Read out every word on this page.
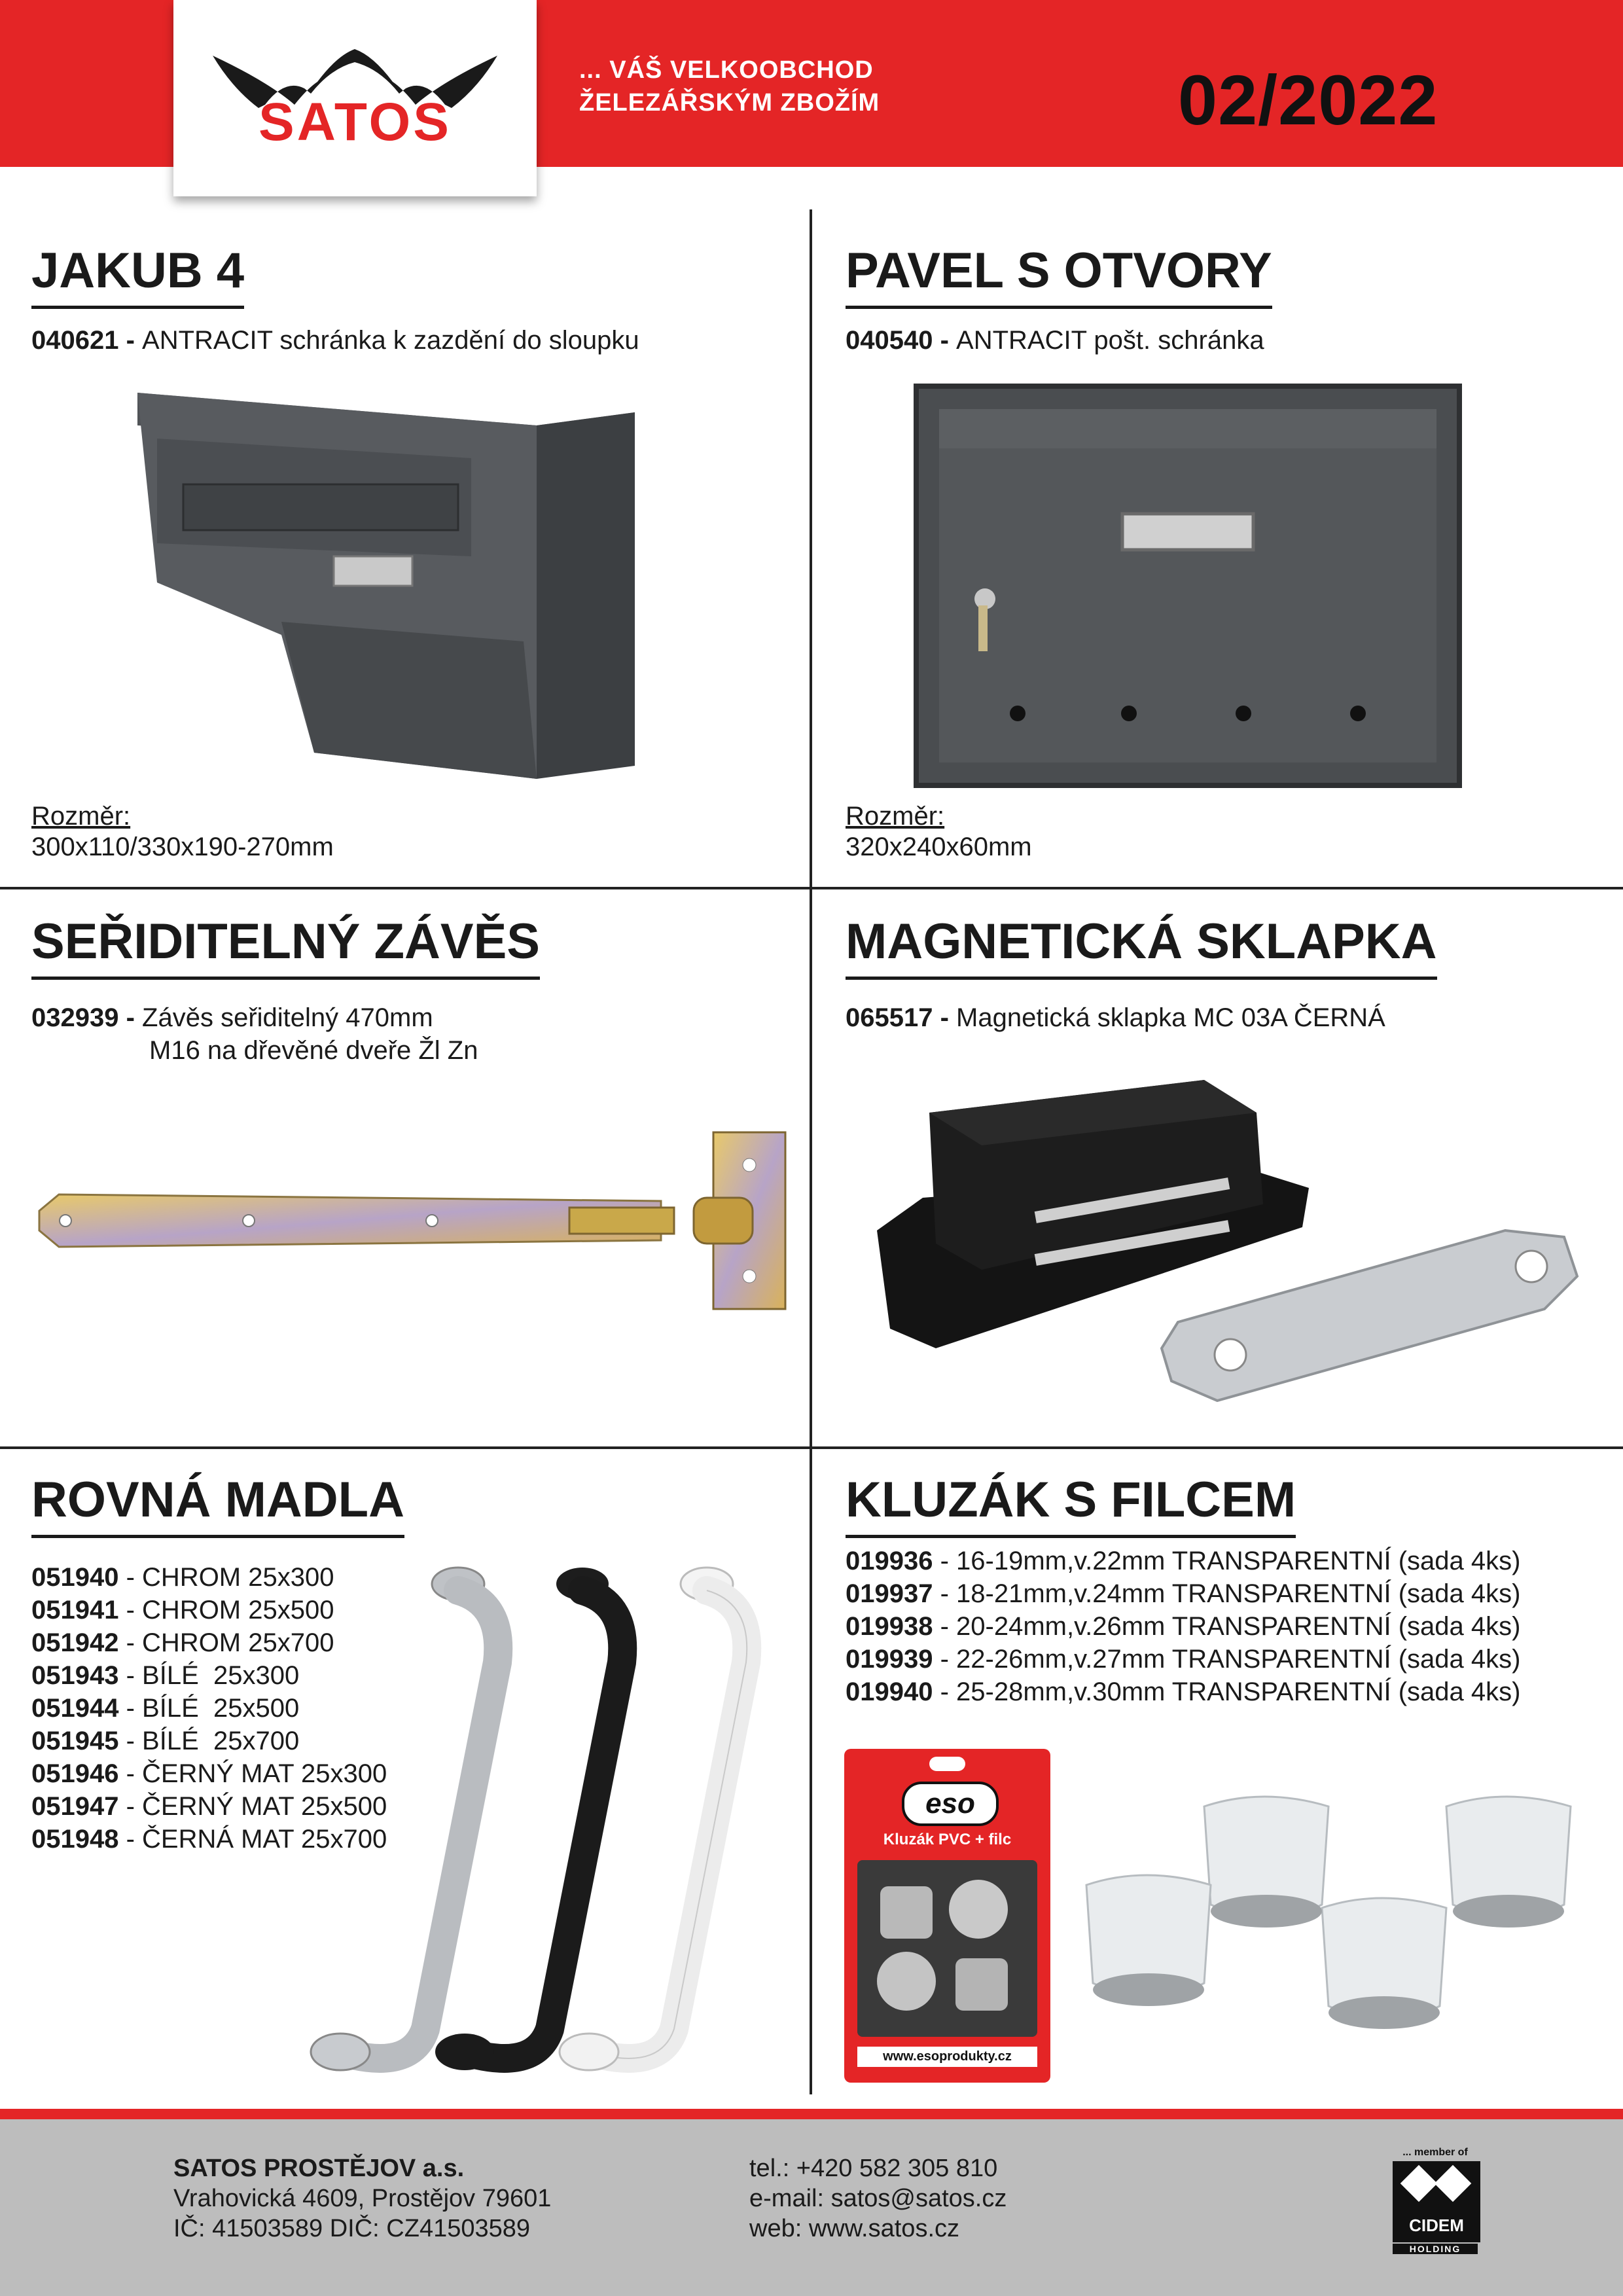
SATOS
... VÁŠ VELKOOBCHOD
ŽELEZÁŘSKÝM ZBOŽÍM	02/2022
JAKUB 4
040621 - ANTRACIT schránka k zazdění do sloupku
Rozměr:
300x110/330x190-270mm
PAVEL S OTVORY
040540 - ANTRACIT pošt. schránka
Rozměr:
320x240x60mm
SEŘIDITELNÝ ZÁVĚS
032939 - Závěs seřiditelný 470mm
M16 na dřevěné dveře Žl Zn
MAGNETICKÁ SKLAPKA
065517 - Magnetická sklapka MC 03A ČERNÁ
ROVNÁ MADLA
051940 - CHROM 25x300
051941 - CHROM 25x500
051942 - CHROM 25x700
051943 - BÍLÉ  25x300
051944 - BÍLÉ  25x500
051945 - BÍLÉ  25x700
051946 - ČERNÝ MAT 25x300
051947 - ČERNÝ MAT 25x500
051948 - ČERNÁ MAT 25x700
KLUZÁK S FILCEM
019936 - 16-19mm,v.22mm TRANSPARENTNÍ (sada 4ks)
019937 - 18-21mm,v.24mm TRANSPARENTNÍ (sada 4ks)
019938 - 20-24mm,v.26mm TRANSPARENTNÍ (sada 4ks)
019939 - 22-26mm,v.27mm TRANSPARENTNÍ (sada 4ks)
019940 - 25-28mm,v.30mm TRANSPARENTNÍ (sada 4ks)
eso
Kluzák PVC + filc
www.esoprodukty.cz
SATOS PROSTĚJOV a.s.
Vrahovická 4609, Prostějov 79601
IČ: 41503589 DIČ: CZ41503589
tel.: +420 582 305 810
e-mail: satos@satos.cz
web: www.satos.cz
... member of
CIDEM
HOLDING
